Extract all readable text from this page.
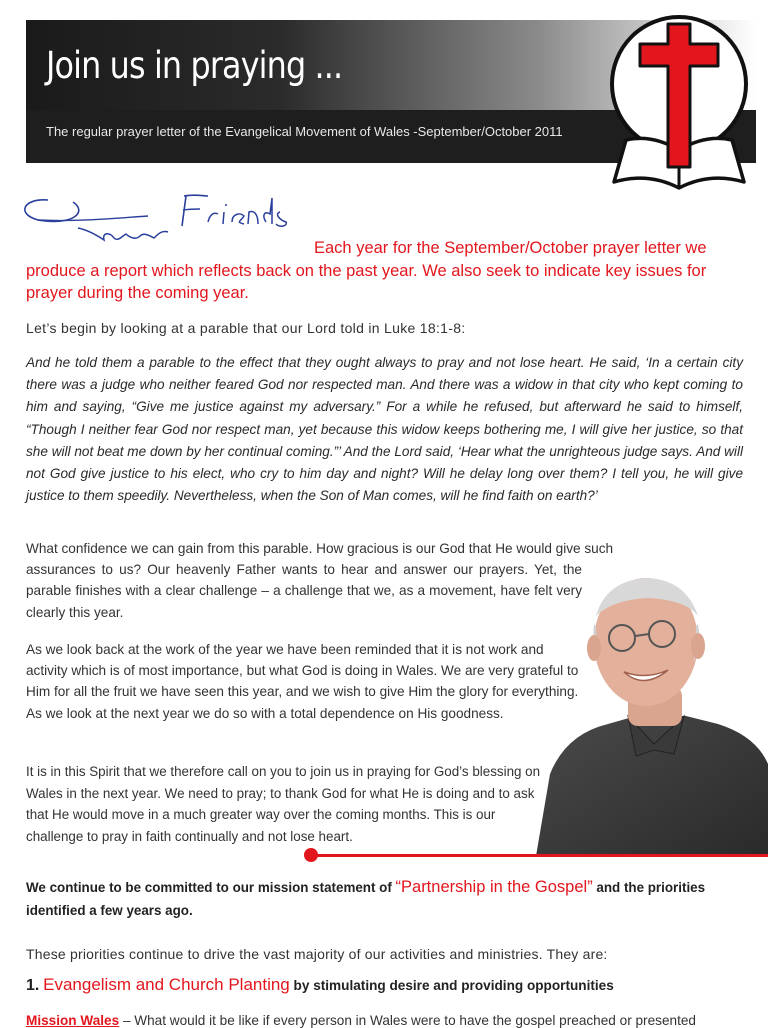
Join us in praying ...
The regular prayer letter of the Evangelical Movement of Wales -September/October 2011

Each year for the September/October prayer letter we produce a report which reflects back on the past year. We also seek to indicate key issues for prayer during the coming year.

Let’s begin by looking at a parable that our Lord told in Luke 18:1-8:

And he told them a parable to the effect that they ought always to pray and not lose heart. He said, ‘In a certain city there was a judge who neither feared God nor respected man. And there was a widow in that city who kept coming to him and saying, “Give me justice against my adversary.” For a while he refused, but afterward he said to himself, “Though I neither fear God nor respect man, yet because this widow keeps bothering me, I will give her justice, so that she will not beat me down by her continual coming.”’ And the Lord said, ‘Hear what the unrighteous judge says. And will not God give justice to his elect, who cry to him day and night? Will he delay long over them? I tell you, he will give justice to them speedily. Nevertheless, when the Son of Man comes, will he find faith on earth?’

What confidence we can gain from this parable. How gracious is our God that He would give such
assurances to us? Our heavenly Father wants to hear and answer our prayers. Yet, the parable finishes with a clear challenge – a challenge that we, as a movement, have felt very clearly this year.

As we look back at the work of the year we have been reminded that it is not work and activity which is of most importance, but what God is doing in Wales. We are very grateful to Him for all the fruit we have seen this year, and we wish to give Him the glory for everything. As we look at the next year we do so with a total dependence on His goodness.

It is in this Spirit that we therefore call on you to join us in praying for God’s blessing on Wales in the next year. We need to pray; to thank God for what He is doing and to ask that He would move in a much greater way over the coming months. This is our challenge to pray in faith continually and not lose heart.

We continue to be committed to our mission statement of “Partnership in the Gospel” and the priorities identified a few years ago.

These priorities continue to drive the vast majority of our activities and ministries. They are:

1. Evangelism and Church Planting by stimulating desire and providing opportunities

Mission Wales – What would it be like if every person in Wales were to have the gospel preached or presented
